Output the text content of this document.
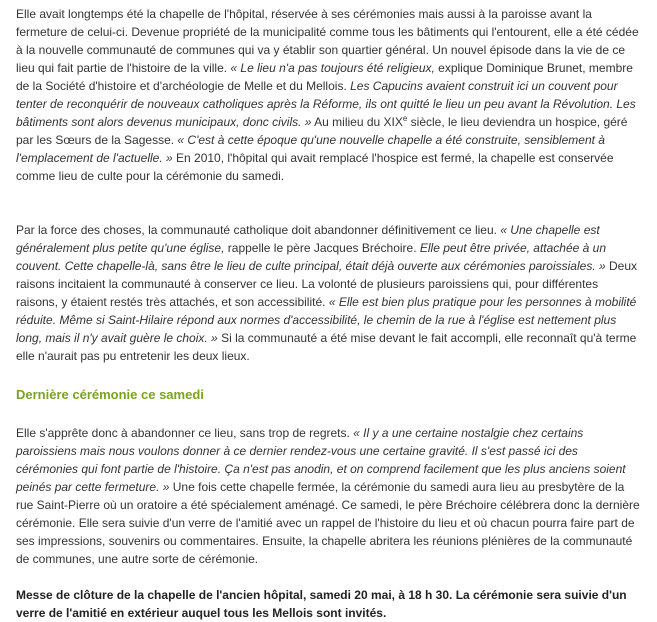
Elle avait longtemps été la chapelle de l'hôpital, réservée à ses cérémonies mais aussi à la paroisse avant la fermeture de celui-ci. Devenue propriété de la municipalité comme tous les bâtiments qui l'entourent, elle a été cédée à la nouvelle communauté de communes qui va y établir son quartier général. Un nouvel épisode dans la vie de ce lieu qui fait partie de l'histoire de la ville. « Le lieu n'a pas toujours été religieux, explique Dominique Brunet, membre de la Société d'histoire et d'archéologie de Melle et du Mellois. Les Capucins avaient construit ici un couvent pour tenter de reconquérir de nouveaux catholiques après la Réforme, ils ont quitté le lieu un peu avant la Révolution. Les bâtiments sont alors devenus municipaux, donc civils. » Au milieu du XIXe siècle, le lieu deviendra un hospice, géré par les Sœurs de la Sagesse. « C'est à cette époque qu'une nouvelle chapelle a été construite, sensiblement à l'emplacement de l'actuelle. » En 2010, l'hôpital qui avait remplacé l'hospice est fermé, la chapelle est conservée comme lieu de culte pour la cérémonie du samedi.

Par la force des choses, la communauté catholique doit abandonner définitivement ce lieu. « Une chapelle est généralement plus petite qu'une église, rappelle le père Jacques Bréchoire. Elle peut être privée, attachée à un couvent. Cette chapelle-là, sans être le lieu de culte principal, était déjà ouverte aux cérémonies paroissiales. » Deux raisons incitaient la communauté à conserver ce lieu. La volonté de plusieurs paroissiens qui, pour différentes raisons, y étaient restés très attachés, et son accessibilité. « Elle est bien plus pratique pour les personnes à mobilité réduite. Même si Saint-Hilaire répond aux normes d'accessibilité, le chemin de la rue à l'église est nettement plus long, mais il n'y avait guère le choix. » Si la communauté a été mise devant le fait accompli, elle reconnaît qu'à terme elle n'aurait pas pu entretenir les deux lieux.

Dernière cérémonie ce samedi

Elle s'apprête donc à abandonner ce lieu, sans trop de regrets. « Il y a une certaine nostalgie chez certains paroissiens mais nous voulons donner à ce dernier rendez-vous une certaine gravité. Il s'est passé ici des cérémonies qui font partie de l'histoire. Ça n'est pas anodin, et on comprend facilement que les plus anciens soient peinés par cette fermeture. » Une fois cette chapelle fermée, la cérémonie du samedi aura lieu au presbytère de la rue Saint-Pierre où un oratoire a été spécialement aménagé. Ce samedi, le père Bréchoire célébrera donc la dernière cérémonie. Elle sera suivie d'un verre de l'amitié avec un rappel de l'histoire du lieu et où chacun pourra faire part de ses impressions, souvenirs ou commentaires. Ensuite, la chapelle abritera les réunions plénières de la communauté de communes, une autre sorte de cérémonie.

Messe de clôture de la chapelle de l'ancien hôpital, samedi 20 mai, à 18 h 30. La cérémonie sera suivie d'un verre de l'amitié en extérieur auquel tous les Mellois sont invités.
